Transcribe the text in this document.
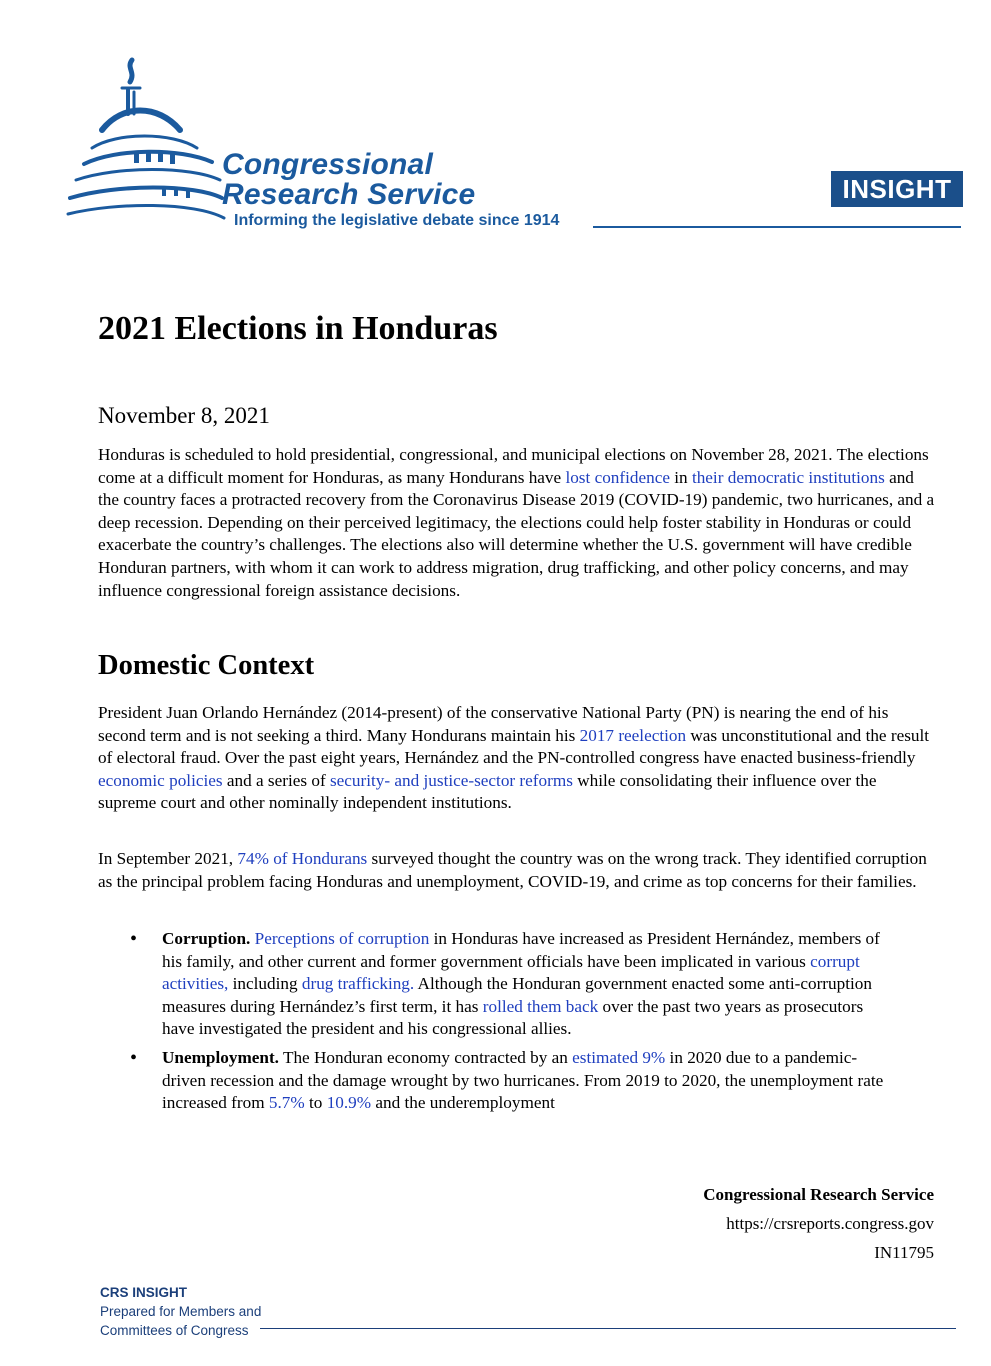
Congressional
Research Service
Informing the legislative debate since 1914
INSIGHT
2021 Elections in Honduras
November 8, 2021

Honduras is scheduled to hold presidential, congressional, and municipal elections on November 28, 2021. The elections come at a difficult moment for Honduras, as many Hondurans have lost confidence in their democratic institutions and the country faces a protracted recovery from the Coronavirus Disease 2019 (COVID-19) pandemic, two hurricanes, and a deep recession. Depending on their perceived legitimacy, the elections could help foster stability in Honduras or could exacerbate the country’s challenges. The elections also will determine whether the U.S. government will have credible Honduran partners, with whom it can work to address migration, drug trafficking, and other policy concerns, and may influence congressional foreign assistance decisions.

Domestic Context

President Juan Orlando Hernández (2014-present) of the conservative National Party (PN) is nearing the end of his second term and is not seeking a third. Many Hondurans maintain his 2017 reelection was unconstitutional and the result of electoral fraud. Over the past eight years, Hernández and the PN-controlled congress have enacted business-friendly economic policies and a series of security- and justice-sector reforms while consolidating their influence over the supreme court and other nominally independent institutions.

In September 2021, 74% of Hondurans surveyed thought the country was on the wrong track. They identified corruption as the principal problem facing Honduras and unemployment, COVID-19, and crime as top concerns for their families.

• Corruption. Perceptions of corruption in Honduras have increased as President Hernández, members of his family, and other current and former government officials have been implicated in various corrupt activities, including drug trafficking. Although the Honduran government enacted some anti-corruption measures during Hernández’s first term, it has rolled them back over the past two years as prosecutors have investigated the president and his congressional allies.
• Unemployment. The Honduran economy contracted by an estimated 9% in 2020 due to a pandemic-driven recession and the damage wrought by two hurricanes. From 2019 to 2020, the unemployment rate increased from 5.7% to 10.9% and the underemployment
Congressional Research Service
https://crsreports.congress.gov
IN11795
CRS INSIGHT
Prepared for Members and
Committees of Congress
